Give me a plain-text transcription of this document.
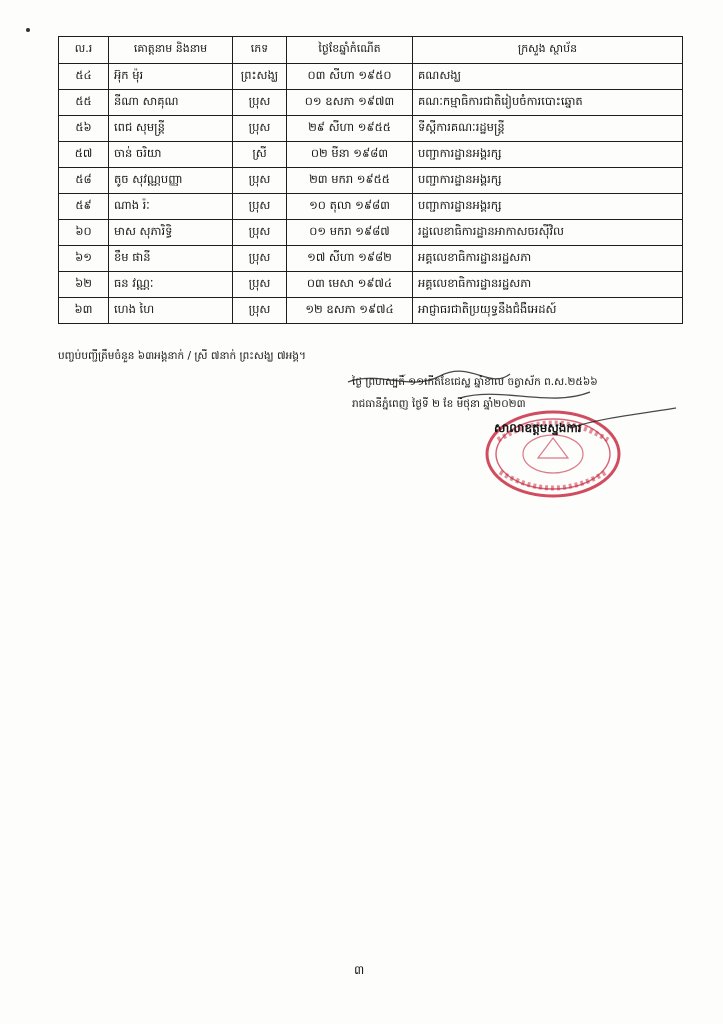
ល.រ	គោត្តនាម និងនាម	ភេទ	ថ្ងៃខែឆ្នាំកំណើត	ក្រសួង ស្ថាប័ន
៥៤	អ៊ុក ម៉ុរ	ព្រះសង្ឃ	០៣ សីហា ១៩៥០	គណសង្ឃ
៥៥	នីណា សាគុណ	ប្រុស	០១ ឧសភា ១៩៧៣	គណៈកម្មាធិការជាតិរៀបចំការបោះឆ្នោត
៥៦	ពេជ សុមន្ត្រី	ប្រុស	២៩ សីហា ១៩៥៥	ទីស្តីការគណៈរដ្ឋមន្ត្រី
៥៧	ចាន់ ចរិយា	ស្រី	០២ មីនា ១៩៨៣	បញ្ជាការដ្ឋានអង្គរក្ស
៥៨	តូច សុវណ្ណបញ្ញា	ប្រុស	២៣ មករា ១៩៥៥	បញ្ជាការដ្ឋានអង្គរក្ស
៥៩	ណាង រ៉ៈ	ប្រុស	១០ តុលា ១៩៨៣	បញ្ជាការដ្ឋានអង្គរក្ស
៦០	មាស សុភារិទ្ធិ	ប្រុស	០១ មករា ១៩៨៧	រដ្ឋលេខាធិការដ្ឋានអាកាសចរស៊ីវិល
៦១	ខឹម ផានី	ប្រុស	១៧ សីហា ១៩៨២	អគ្គលេខាធិការដ្ឋានរដ្ឋសភា
៦២	ធន វណ្ណៈ	ប្រុស	០៣ មេសា ១៩៧៤	អគ្គលេខាធិការដ្ឋានរដ្ឋសភា
៦៣	ហេង ហៃ	ប្រុស	១២ ឧសភា ១៩៧៤	អាជ្ញាធរជាតិប្រយុទ្ធនឹងជំងឺអេដស៍
បញ្ចប់បញ្ជីត្រឹមចំនួន ៦៣អង្គនាក់ / ស្រី ៧នាក់ ព្រះសង្ឃ ៧អង្គ។
ថ្ងៃ ព្រហស្បតិ៍ ១១កើតខែជេស្ឋ ឆ្នាំខាល ចត្វាស័ក ព.ស.២៥៦៦
រាជធានីភ្នំពេញ ថ្ងៃទី ២ ខែ មិថុនា ឆ្នាំ២០២៣
សាលាឧត្តមស្នងការ
៣
